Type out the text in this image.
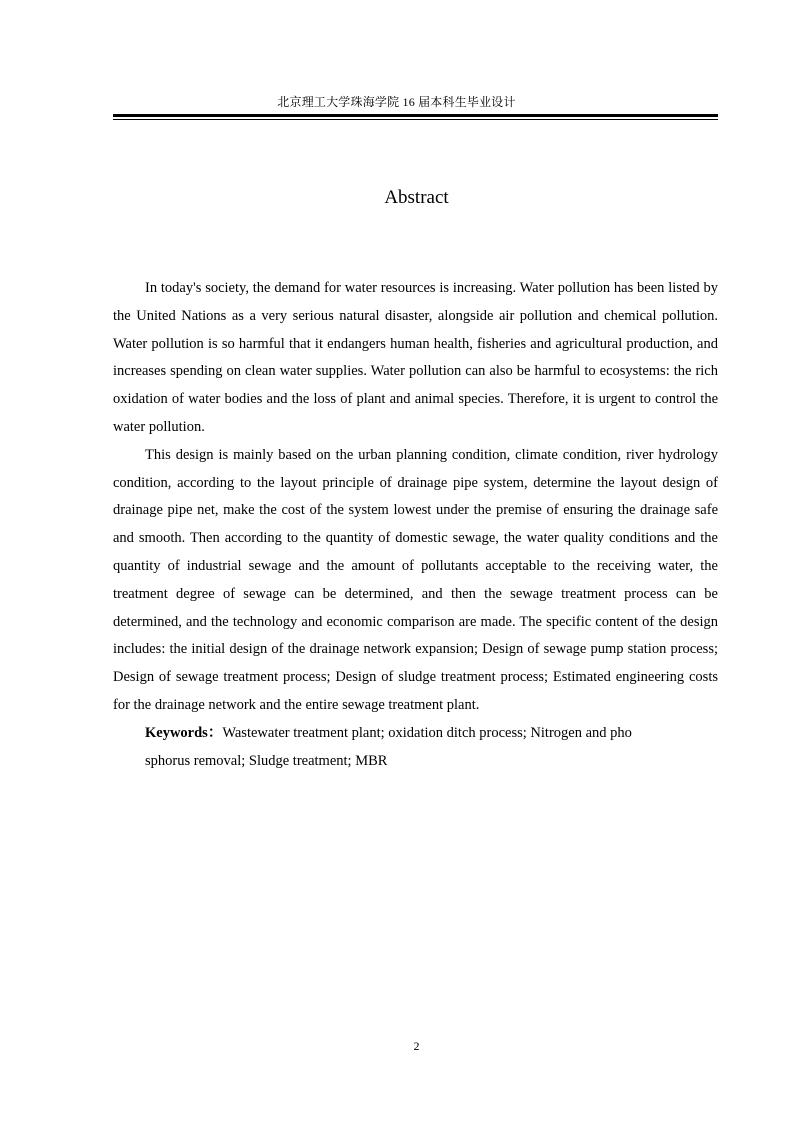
北京理工大学珠海学院 16 届本科生毕业设计
Abstract

In today's society, the demand for water resources is increasing. Water pollution has been listed by the United Nations as a very serious natural disaster, alongside air pollution and chemical pollution. Water pollution is so harmful that it endangers human health, fisheries and agricultural production, and increases spending on clean water supplies. Water pollution can also be harmful to ecosystems: the rich oxidation of water bodies and the loss of plant and animal species. Therefore, it is urgent to control the water pollution.

This design is mainly based on the urban planning condition, climate condition, river hydrology condition, according to the layout principle of drainage pipe system, determine the layout design of drainage pipe net, make the cost of the system lowest under the premise of ensuring the drainage safe and smooth. Then according to the quantity of domestic sewage, the water quality conditions and the quantity of industrial sewage and the amount of pollutants acceptable to the receiving water, the treatment degree of sewage can be determined, and then the sewage treatment process can be determined, and the technology and economic comparison are made. The specific content of the design includes: the initial design of the drainage network expansion; Design of sewage pump station process; Design of sewage treatment process; Design of sludge treatment process; Estimated engineering costs for the drainage network and the entire sewage treatment plant.

Keywords：Wastewater treatment plant; oxidation ditch process; Nitrogen and pho

sphorus removal; Sludge treatment; MBR

2
